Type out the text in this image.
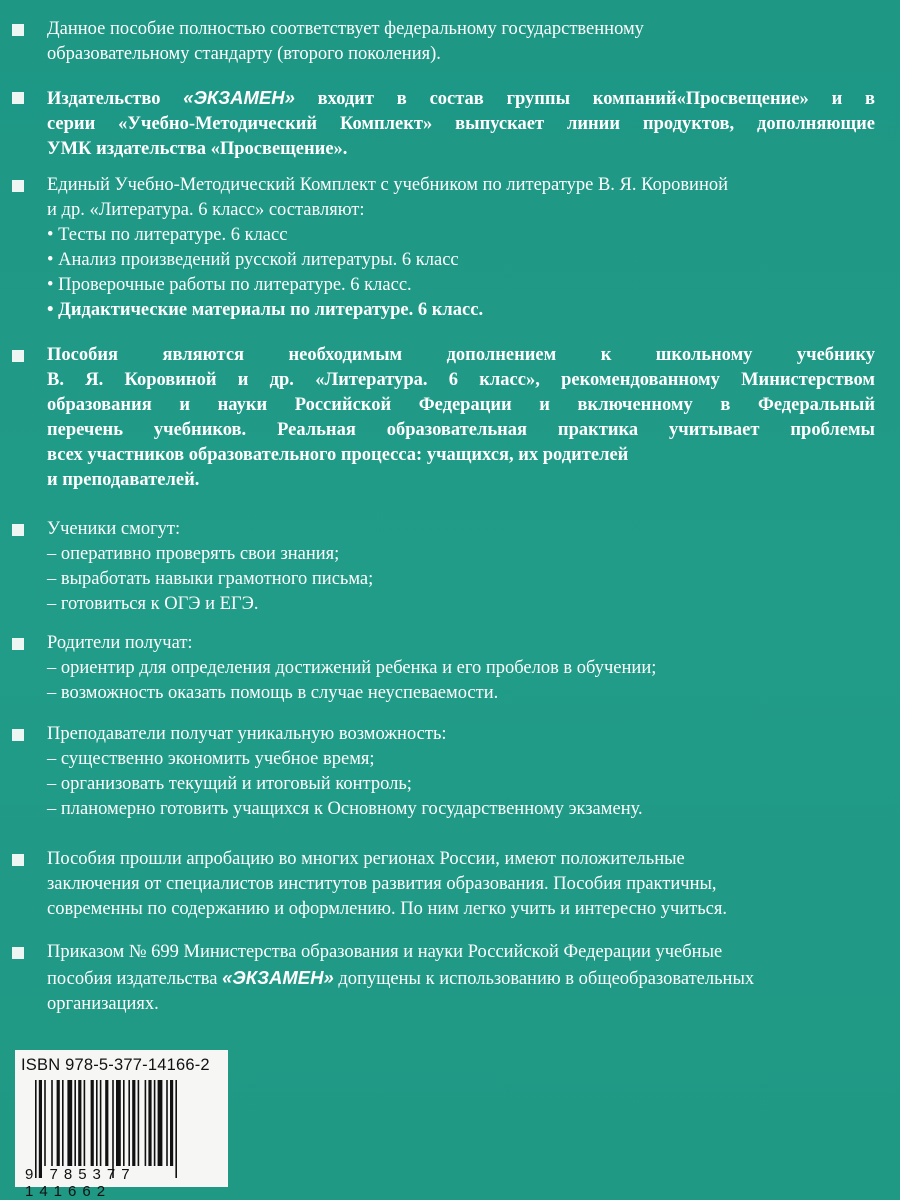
Данное пособие полностью соответствует федеральному государственному
образовательному стандарту (второго поколения).
Издательство «ЭКЗАМЕН» входит в состав группы компаний«Просвещение» и в
серии «Учебно-Методический Комплект» выпускает линии продуктов, дополняющие
УМК издательства «Просвещение».
Единый Учебно-Методический Комплект с учебником по литературе В. Я. Коровиной
и др. «Литература. 6 класс» составляют:
• Тесты по литературе. 6 класс
• Анализ произведений русской литературы. 6 класс
• Проверочные работы по литературе. 6 класс.
• Дидактические материалы по литературе. 6 класс.
Пособия являются необходимым дополнением к школьному учебнику
В. Я. Коровиной и др. «Литература. 6 класс», рекомендованному Министерством
образования и науки Российской Федерации и включенному в Федеральный
перечень учебников. Реальная образовательная практика учитывает проблемы
всех участников образовательного процесса: учащихся, их родителей
и преподавателей.
Ученики смогут:
– оперативно проверять свои знания;
– выработать навыки грамотного письма;
– готовиться к ОГЭ и ЕГЭ.
Родители получат:
– ориентир для определения достижений ребенка и его пробелов в обучении;
– возможность оказать помощь в случае неуспеваемости.
Преподаватели получат уникальную возможность:
– существенно экономить учебное время;
– организовать текущий и итоговый контроль;
– планомерно готовить учащихся к Основному государственному экзамену.
Пособия прошли апробацию во многих регионах России, имеют положительные
заключения от специалистов институтов развития образования. Пособия практичны,
современны по содержанию и оформлению. По ним легко учить и интересно учиться.
Приказом № 699 Министерства образования и науки Российской Федерации учебные
пособия издательства «ЭКЗАМЕН» допущены к использованию в общеобразовательных
организациях.
ISBN 978-5-377-14166-2
9 785377 141662
